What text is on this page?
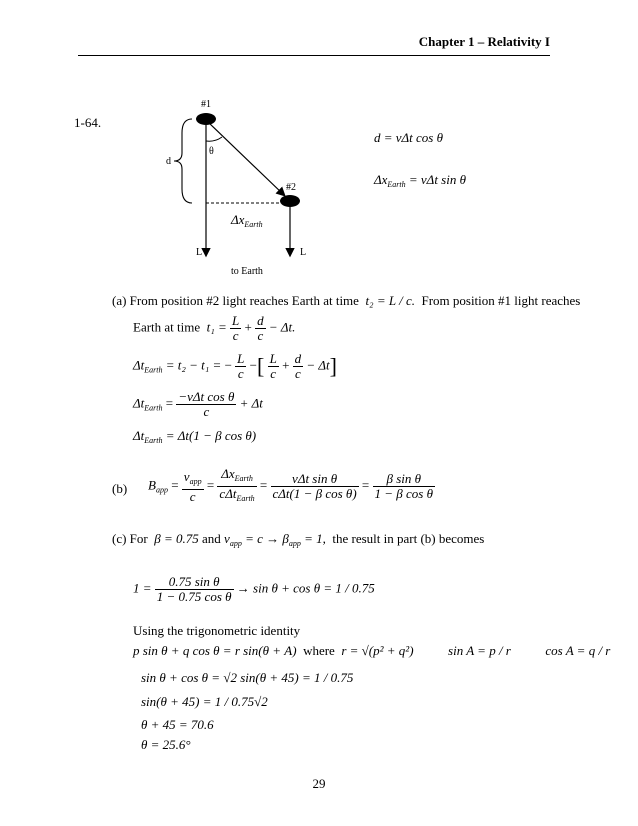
Chapter 1 – Relativity I
1-64.
#1
θ
d
#2
$\Delta x_{Earth}$
L	L
to Earth
d = vΔt cos θ
$\Delta x_{Earth} = v\Delta t$ sin θ
(a) From position #2 light reaches Earth at time t₂ = L / c. From position #1 light reaches
Earth at time $t_1 = \frac{L}{c} + \frac{d}{c} - \Delta t$.
$\Delta t_{Earth} = t_2 - t_1$ = − $\frac{L}{c}$ −[ $\frac{L}{c} + \frac{d}{c} - \Delta t$]
$\Delta t_{Earth} = \frac{\text{−vΔt cos θ}}{c} + \Delta t$
$\Delta t_{Earth} = \Delta t(1 - \beta$ cos θ)
(b) $B_{app} = \frac{v_{app}}{c} = \frac{\Delta x_{Earth}}{c\Delta t_{Earth}} = \frac{\text{vΔt sin θ}}{\text{cΔt(1 − β cos θ)}} = \frac{\text{β sin θ}}{\text{1 − β cos θ}}$
(c) For β = 0.75 and $v_{app} = c \to \beta_{app} = 1$, the result in part (b) becomes
$1 = \frac{\text{0.75 sin θ}}{\text{1 − 0.75 cos θ}} \to \sin \theta + \cos \theta = 1 / 0.75$
Using the trigonometric identity
p sin θ + q cos θ = r sin(θ + A) where r = √(p² + q²)	sin A = p / r	cos A = q / r
sin θ + cos θ = √2 sin(θ + 45) = 1 / 0.75
sin(θ + 45) = 1 / 0.75√2
θ + 45 = 70.6
θ = 25.6°
29
